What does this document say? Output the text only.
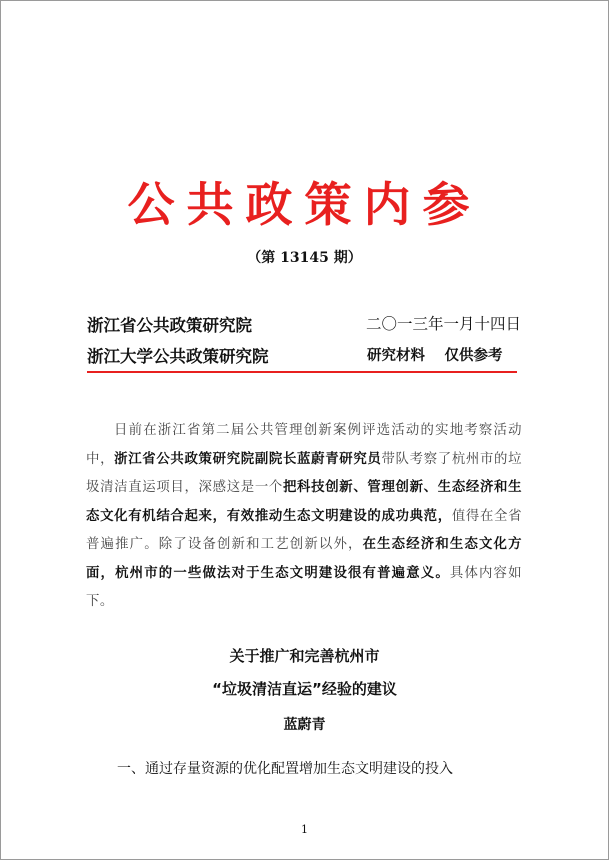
公共政策内参
（第 13145 期）
浙江省公共政策研究院	二〇一三年一月十四日
浙江大学公共政策研究院	研究材料　 仅供参考
日前在浙江省第二届公共管理创新案例评选活动的实地考察活动中，浙江省公共政策研究院副院长蓝蔚青研究员带队考察了杭州市的垃圾清洁直运项目，深感这是一个把科技创新、管理创新、生态经济和生态文化有机结合起来，有效推动生态文明建设的成功典范，值得在全省普遍推广。除了设备创新和工艺创新以外，在生态经济和生态文化方面，杭州市的一些做法对于生态文明建设很有普遍意义。具体内容如下。
关于推广和完善杭州市
“垃圾清洁直运”经验的建议
蓝蔚青
一、通过存量资源的优化配置增加生态文明建设的投入
1
